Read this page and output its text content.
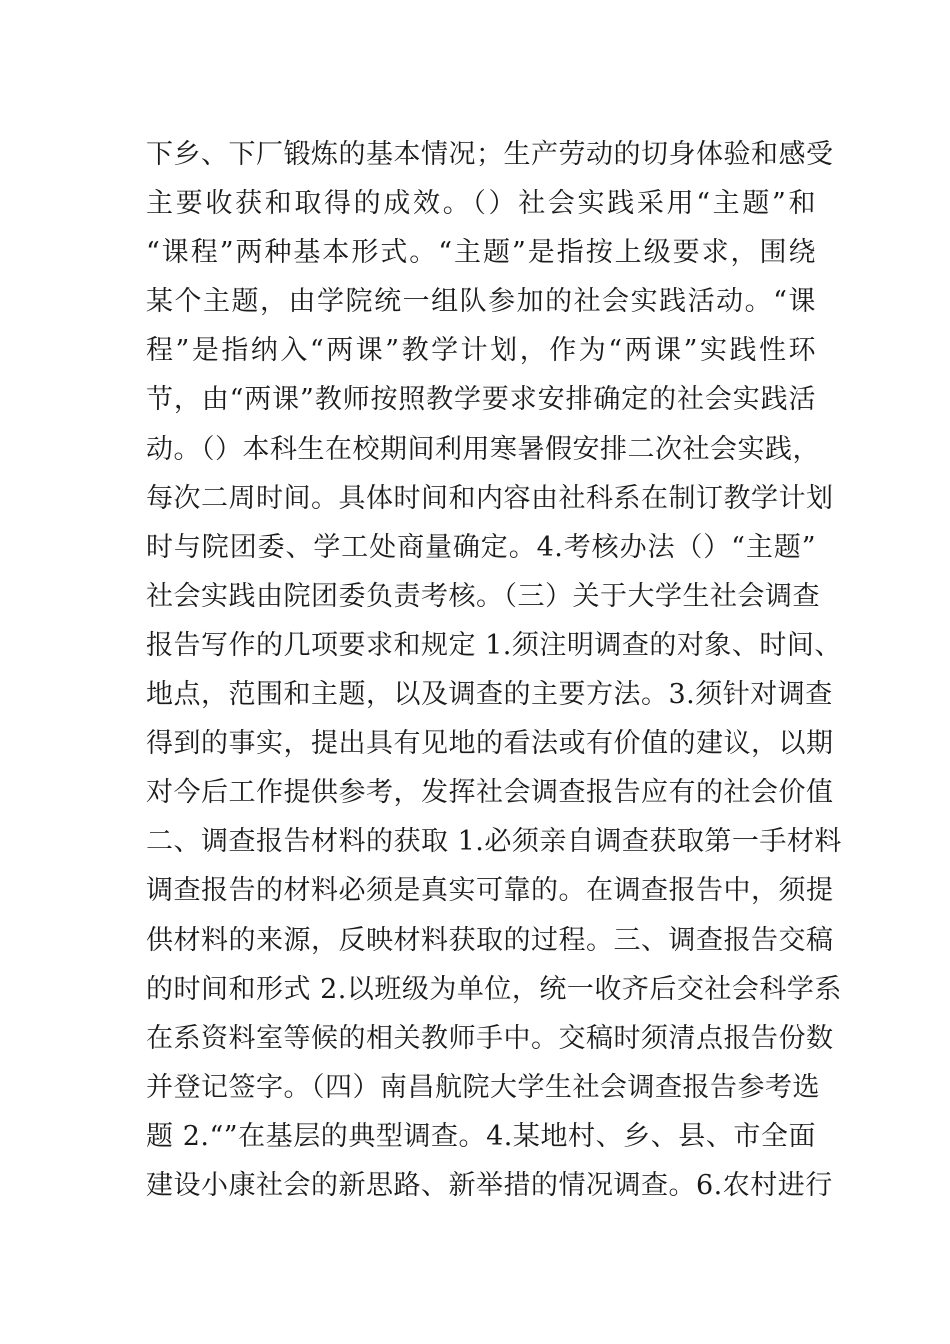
下乡、下厂锻炼的基本情况；生产劳动的切身体验和感受
主要收获和取得的成效。（）社会实践采用“主题”和
“课程”两种基本形式。“主题”是指按上级要求，围绕
某个主题，由学院统一组队参加的社会实践活动。“课
程”是指纳入“两课”教学计划，作为“两课”实践性环
节，由“两课”教师按照教学要求安排确定的社会实践活
动。（）本科生在校期间利用寒暑假安排二次社会实践，
每次二周时间。具体时间和内容由社科系在制订教学计划
时与院团委、学工处商量确定。4.考核办法（）“主题”
社会实践由院团委负责考核。（三）关于大学生社会调查
报告写作的几项要求和规定 1.须注明调查的对象、时间、
地点，范围和主题，以及调查的主要方法。3.须针对调查
得到的事实，提出具有见地的看法或有价值的建议，以期
对今后工作提供参考，发挥社会调查报告应有的社会价值
二、调查报告材料的获取 1.必须亲自调查获取第一手材料
调查报告的材料必须是真实可靠的。在调查报告中，须提
供材料的来源，反映材料获取的过程。三、调查报告交稿
的时间和形式 2.以班级为单位，统一收齐后交社会科学系
在系资料室等候的相关教师手中。交稿时须清点报告份数
并登记签字。（四）南昌航院大学生社会调查报告参考选
题 2.“”在基层的典型调查。4.某地村、乡、县、市全面
建设小康社会的新思路、新举措的情况调查。6.农村进行
